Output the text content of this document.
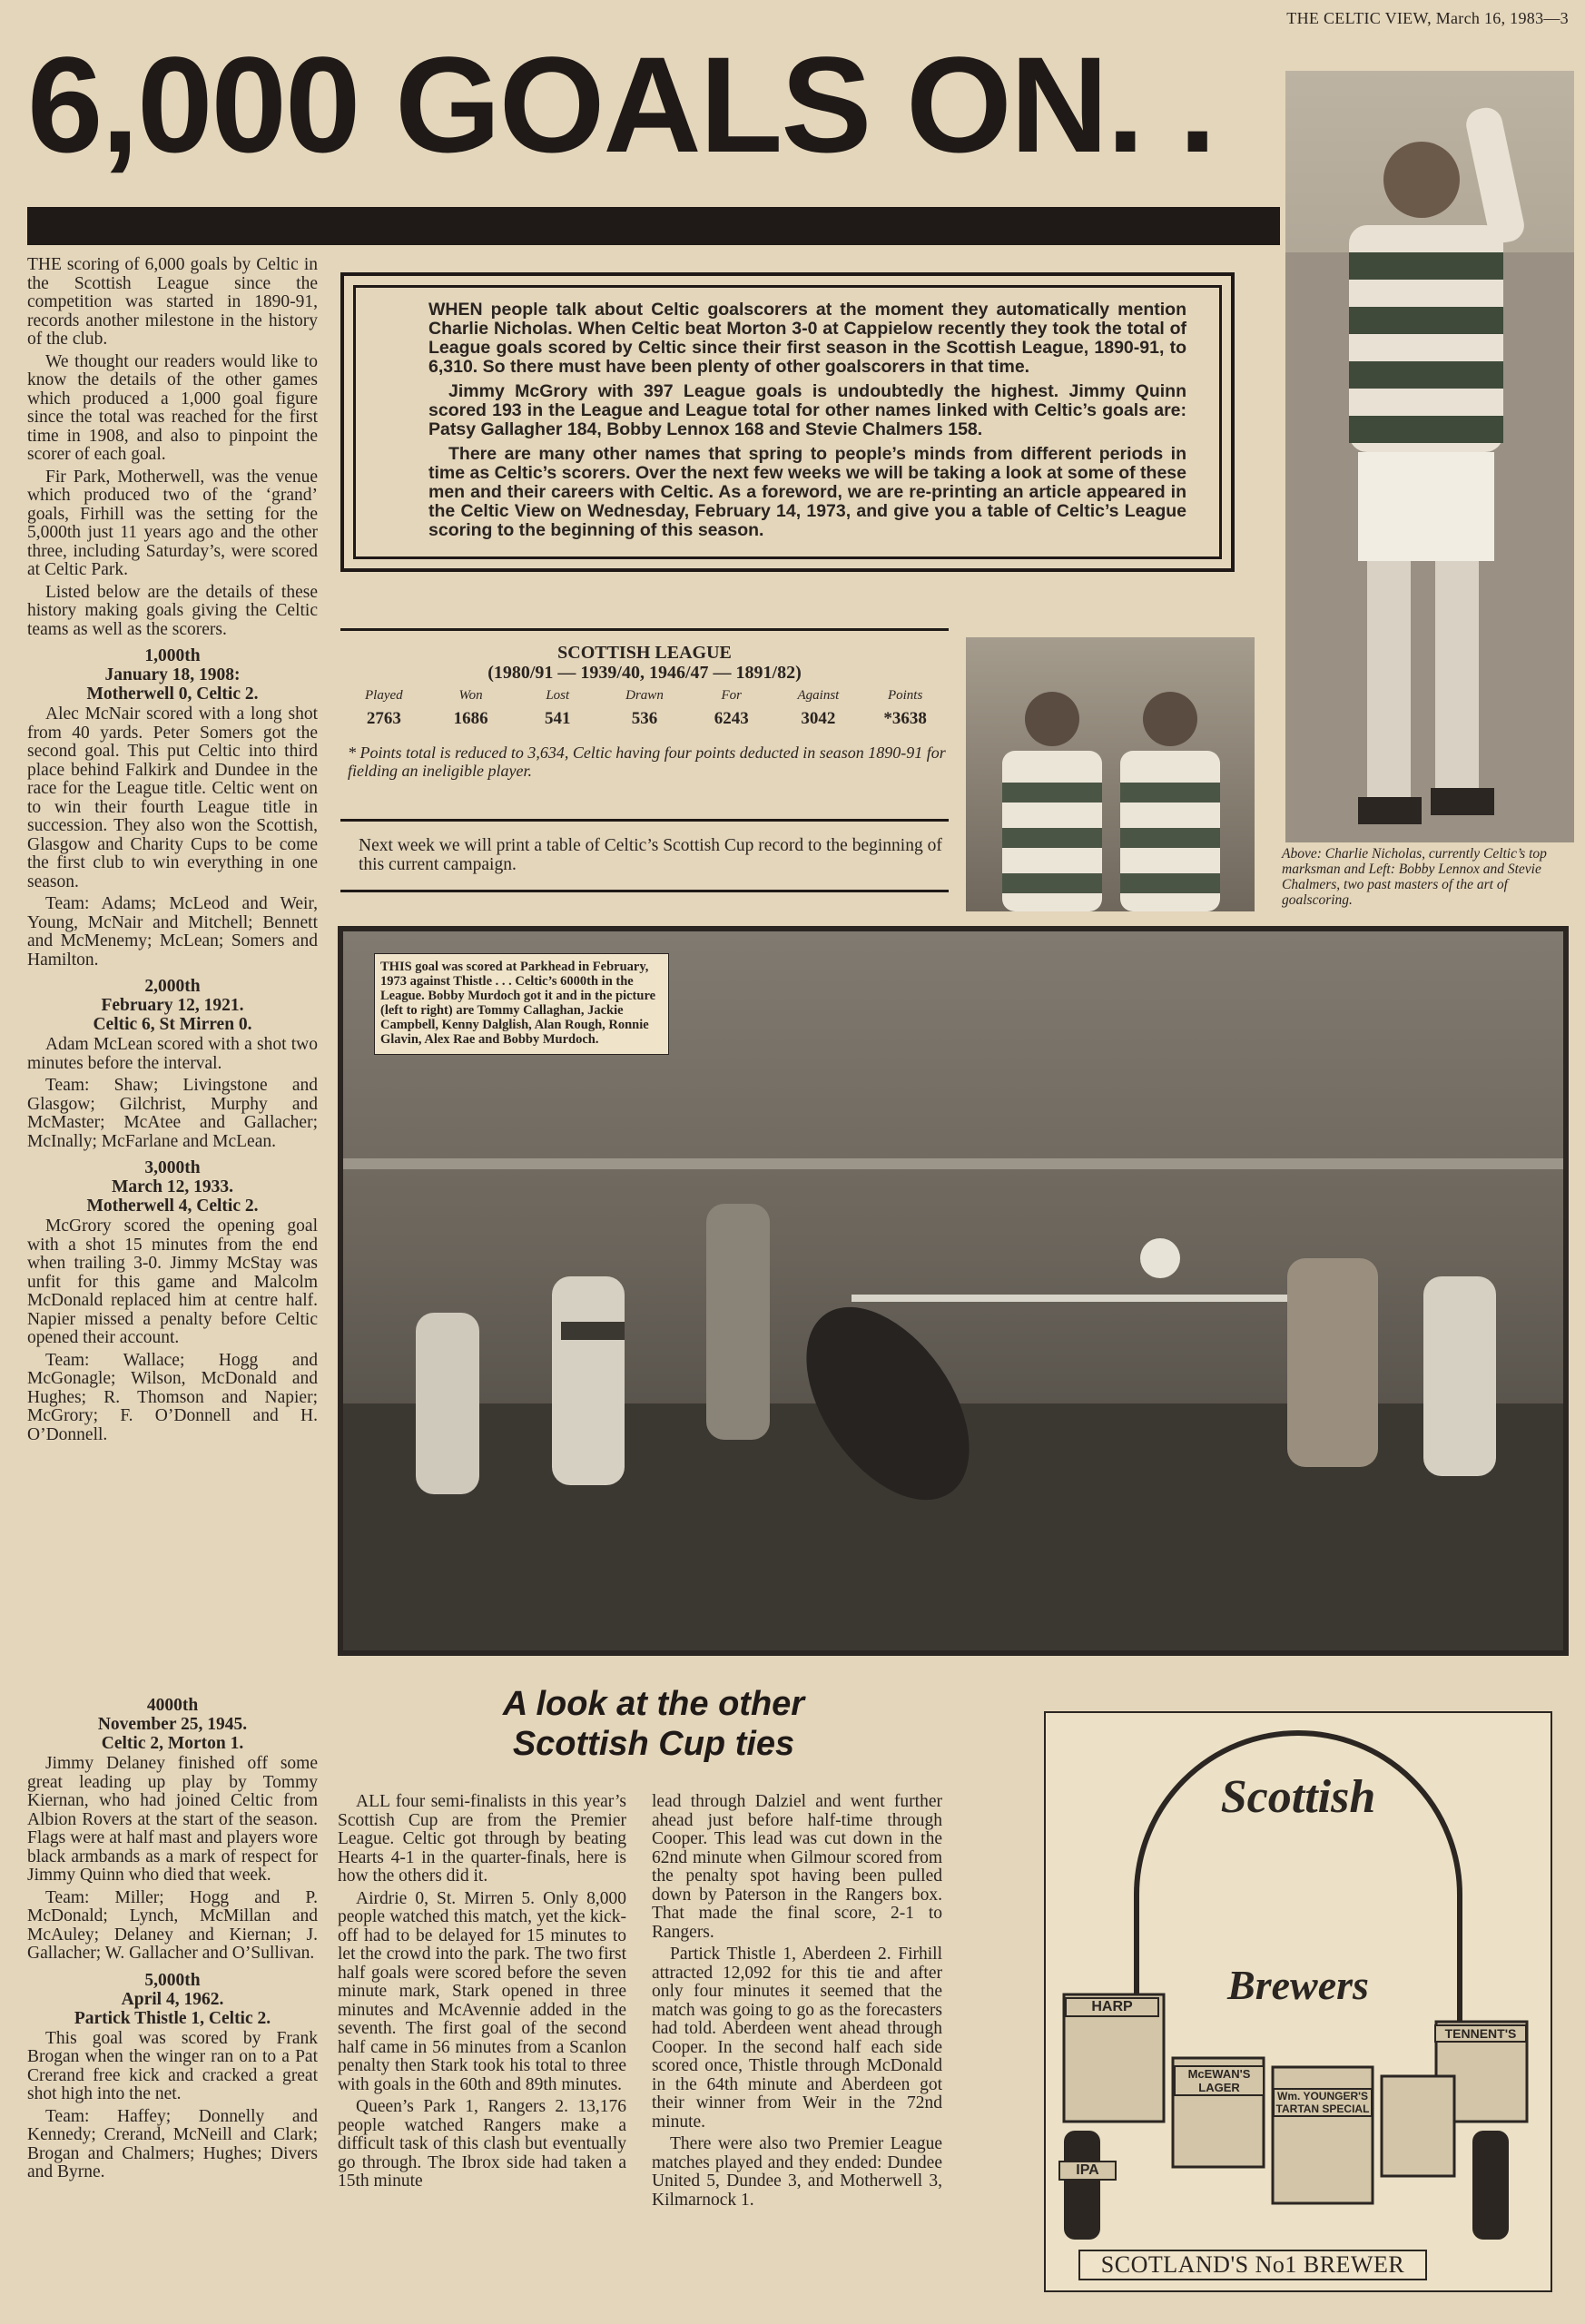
THE CELTIC VIEW, March 16, 1983—3
6,000 GOALS ON. .

THE scoring of 6,000 goals by Celtic in the Scottish League since the competition was started in 1890-91, records another milestone in the history of the club.

We thought our readers would like to know the details of the other games which produced a 1,000 goal figure since the total was reached for the first time in 1908, and also to pinpoint the scorer of each goal.

Fir Park, Motherwell, was the venue which produced two of the ‘grand’ goals, Firhill was the setting for the 5,000th just 11 years ago and the other three, including Saturday’s, were scored at Celtic Park.

Listed below are the details of these history making goals giving the Celtic teams as well as the scorers.

1,000th
January 18, 1908:
Motherwell 0, Celtic 2.

Alec McNair scored with a long shot from 40 yards. Peter Somers got the second goal. This put Celtic into third place behind Falkirk and Dundee in the race for the League title. Celtic went on to win their fourth League title in succession. They also won the Scottish, Glasgow and Charity Cups to be come the first club to win everything in one season.

Team: Adams; McLeod and Weir, Young, McNair and Mitchell; Bennett and McMenemy; McLean; Somers and Hamilton.

2,000th
February 12, 1921.
Celtic 6, St Mirren 0.

Adam McLean scored with a shot two minutes before the interval.

Team: Shaw; Livingstone and Glasgow; Gilchrist, Murphy and McMaster; McAtee and Gallacher; McInally; McFarlane and McLean.

3,000th
March 12, 1933.
Motherwell 4, Celtic 2.

McGrory scored the opening goal with a shot 15 minutes from the end when trailing 3-0. Jimmy McStay was unfit for this game and Malcolm McDonald replaced him at centre half. Napier missed a penalty before Celtic opened their account.

Team: Wallace; Hogg and McGonagle; Wilson, McDonald and Hughes; R. Thomson and Napier; McGrory; F. O’Donnell and H. O’Donnell.

4000th
November 25, 1945.
Celtic 2, Morton 1.

Jimmy Delaney finished off some great leading up play by Tommy Kiernan, who had joined Celtic from Albion Rovers at the start of the season. Flags were at half mast and players wore black armbands as a mark of respect for Jimmy Quinn who died that week.

Team: Miller; Hogg and P. McDonald; Lynch, McMillan and McAuley; Delaney and Kiernan; J. Gallacher; W. Gallacher and O’Sullivan.

5,000th
April 4, 1962.
Partick Thistle 1, Celtic 2.

This goal was scored by Frank Brogan when the winger ran on to a Pat Crerand free kick and cracked a great shot high into the net.

Team: Haffey; Donnelly and Kennedy; Crerand, McNeill and Clark; Brogan and Chalmers; Hughes; Divers and Byrne.

WHEN people talk about Celtic goalscorers at the moment they automatically mention Charlie Nicholas. When Celtic beat Morton 3-0 at Cappielow recently they took the total of League goals scored by Celtic since their first season in the Scottish League, 1890-91, to 6,310. So there must have been plenty of other goalscorers in that time.

Jimmy McGrory with 397 League goals is undoubtedly the highest. Jimmy Quinn scored 193 in the League and League total for other names linked with Celtic’s goals are: Patsy Gallagher 184, Bobby Lennox 168 and Stevie Chalmers 158.

There are many other names that spring to people’s minds from different periods in time as Celtic’s scorers. Over the next few weeks we will be taking a look at some of these men and their careers with Celtic. As a foreword, we are re-printing an article appeared in the Celtic View on Wednesday, February 14, 1973, and give you a table of Celtic’s League scoring to the beginning of this season.

SCOTTISH LEAGUE
(1980/91 — 1939/40, 1946/47 — 1891/82)
Played	Won	Lost	Drawn	For	Against	Points
2763	1686	541	536	6243	3042	*3638
* Points total is reduced to 3,634, Celtic having four points deducted in season 1890-91 for fielding an ineligible player.
Next week we will print a table of Celtic’s Scottish Cup record to the beginning of this current campaign.
Above: Charlie Nicholas, currently Celtic’s top marksman and Left: Bobby Lennox and Stevie Chalmers, two past masters of the art of goalscoring.
THIS goal was scored at Parkhead in February, 1973 against Thistle . . . Celtic’s 6000th in the League. Bobby Murdoch got it and in the picture (left to right) are Tommy Callaghan, Jackie Campbell, Kenny Dalglish, Alan Rough, Ronnie Glavin, Alex Rae and Bobby Murdoch.
A look at the other
Scottish Cup ties

ALL four semi-finalists in this year’s Scottish Cup are from the Premier League. Celtic got through by beating Hearts 4-1 in the quarter-finals, here is how the others did it.

Airdrie 0, St. Mirren 5. Only 8,000 people watched this match, yet the kick-off had to be delayed for 15 minutes to let the crowd into the park. The two first half goals were scored before the seven minute mark, Stark opened in three minutes and McAvennie added in the seventh. The first goal of the second half came in 56 minutes from a Scanlon penalty then Stark took his total to three with goals in the 60th and 89th minutes.

Queen’s Park 1, Rangers 2. 13,176 people watched Rangers make a difficult task of this clash but eventually go through. The Ibrox side had taken a 15th minute

lead through Dalziel and went further ahead just before half-time through Cooper. This lead was cut down in the 62nd minute when Gilmour scored from the penalty spot having been pulled down by Paterson in the Rangers box. That made the final score, 2-1 to Rangers.

Partick Thistle 1, Aberdeen 2. Firhill attracted 12,092 for this tie and after only four minutes it seemed that the match was going to go as the forecasters had told. Aberdeen went ahead through Cooper. In the second half each side scored once, Thistle through McDonald in the 64th minute and Aberdeen got their winner from Weir in the 72nd minute.

There were also two Premier League matches played and they ended: Dundee United 5, Dundee 3, and Motherwell 3, Kilmarnock 1.

Scottish
Brewers
HARP
McEWAN'S LAGER
Wm. YOUNGER'S TARTAN SPECIAL
TENNENT'S
IPA
SCOTLAND'S No1 BREWER
